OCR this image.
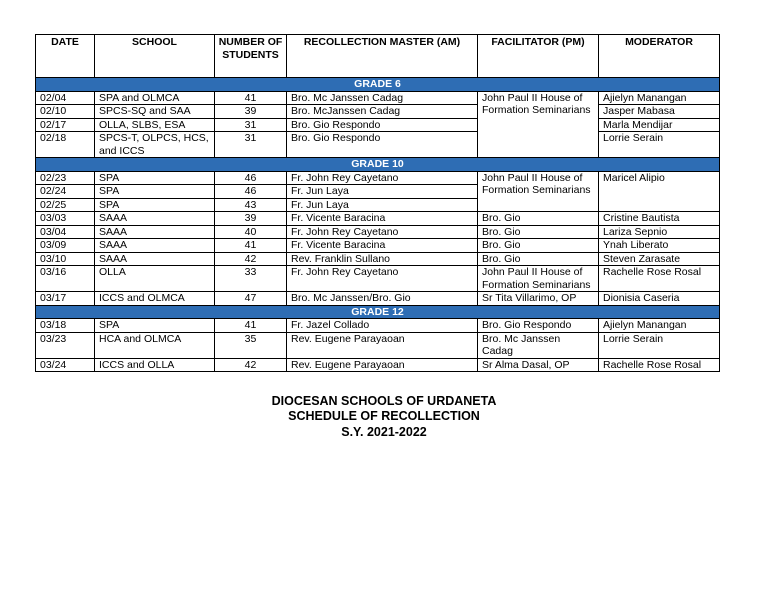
DATE	SCHOOL	NUMBER OF STUDENTS	RECOLLECTION MASTER (AM)	FACILITATOR (PM)	MODERATOR
GRADE 6					
02/04	SPA and OLMCA	41	Bro. Mc Janssen Cadag	John Paul II House of Formation Seminarians	Ajielyn Manangan
02/10	SPCS-SQ and SAA	39	Bro. McJanssen Cadag		Jasper Mabasa
02/17	OLLA, SLBS, ESA	31	Bro. Gio Respondo		Marla Mendijar
02/18	SPCS-T, OLPCS, HCS, and ICCS	31	Bro. Gio Respondo		Lorrie Serain
GRADE 10					
02/23	SPA	46	Fr. John Rey Cayetano	John Paul II House of Formation Seminarians	Maricel Alipio
02/24	SPA	46	Fr. Jun Laya		
02/25	SPA	43	Fr. Jun Laya		
03/03	SAAA	39	Fr. Vicente Baracina	Bro. Gio	Cristine Bautista
03/04	SAAA	40	Fr. John Rey Cayetano	Bro. Gio	Lariza Sepnio
03/09	SAAA	41	Fr. Vicente Baracina	Bro. Gio	Ynah Liberato
03/10	SAAA	42	Rev. Franklin Sullano	Bro. Gio	Steven Zarasate
03/16	OLLA	33	Fr. John Rey Cayetano	John Paul II House of Formation Seminarians	Rachelle Rose Rosal
03/17	ICCS and OLMCA	47	Bro. Mc Janssen/Bro. Gio	Sr Tita Villarimo, OP	Dionisia Caseria
GRADE 12					
03/18	SPA	41	Fr. Jazel Collado	Bro. Gio Respondo	Ajielyn Manangan
03/23	HCA and OLMCA	35	Rev. Eugene Parayaoan	Bro. Mc Janssen Cadag	Lorrie Serain
03/24	ICCS and OLLA	42	Rev. Eugene Parayaoan	Sr Alma Dasal, OP	Rachelle Rose Rosal
DIOCESAN SCHOOLS OF URDANETA
SCHEDULE OF RECOLLECTION
S.Y. 2021-2022
